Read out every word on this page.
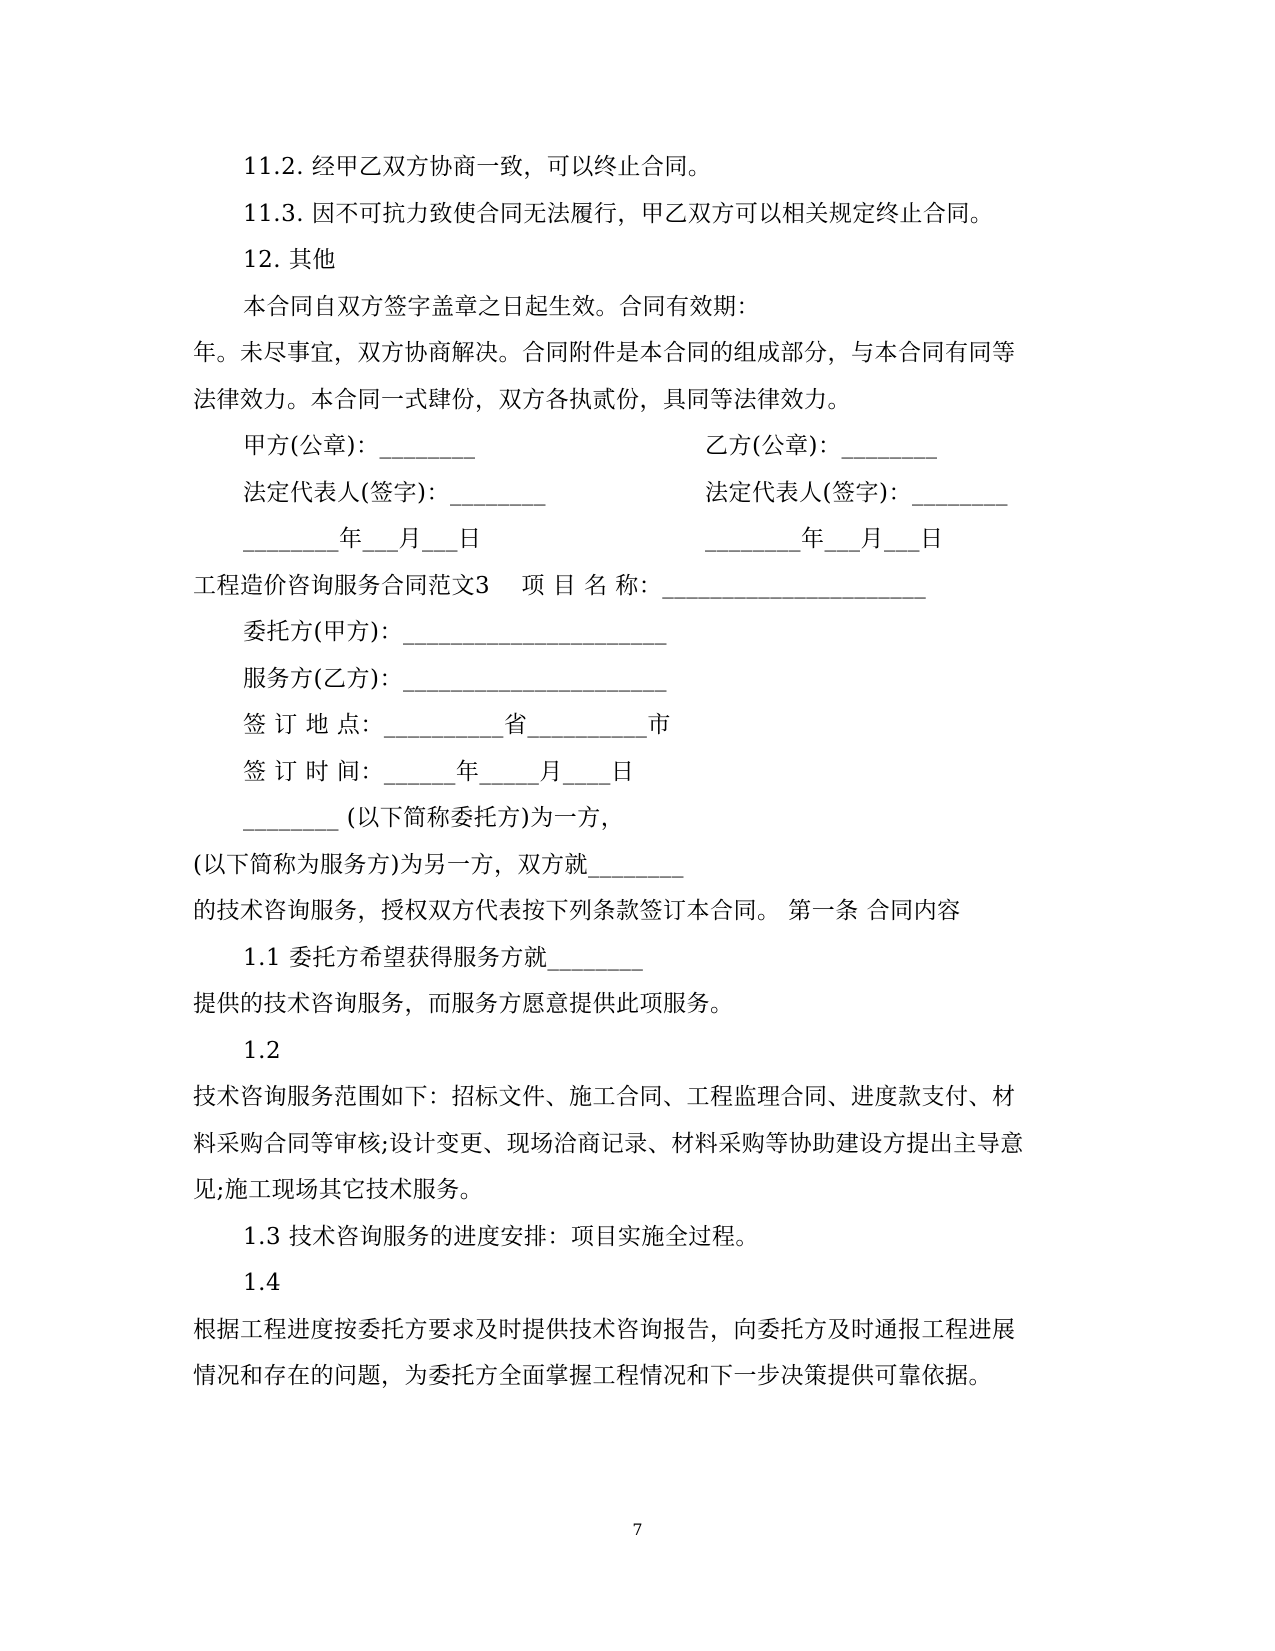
11.2. 经甲乙双方协商一致，可以终止合同。
11.3. 因不可抗力致使合同无法履行，甲乙双方可以相关规定终止合同。
12. 其他
本合同自双方签字盖章之日起生效。合同有效期：
年。未尽事宜，双方协商解决。合同附件是本合同的组成部分，与本合同有同等
法律效力。本合同一式肆份，双方各执贰份，具同等法律效力。
甲方(公章)：________	乙方(公章)：________
法定代表人(签字)：________	法定代表人(签字)：________
________年___月___日	________年___月___日
工程造价咨询服务合同范文3    项 目 名 称：______________________
委托方(甲方)：______________________
服务方(乙方)：______________________
签 订 地 点：__________省__________市
签 订 时 间：______年_____月____日
________ (以下简称委托方)为一方，
(以下简称为服务方)为另一方，双方就________
的技术咨询服务，授权双方代表按下列条款签订本合同。 第一条 合同内容
1.1 委托方希望获得服务方就________
提供的技术咨询服务，而服务方愿意提供此项服务。
1.2
技术咨询服务范围如下：招标文件、施工合同、工程监理合同、进度款支付、材
料采购合同等审核;设计变更、现场洽商记录、材料采购等协助建设方提出主导意
见;施工现场其它技术服务。
1.3 技术咨询服务的进度安排：项目实施全过程。
1.4
根据工程进度按委托方要求及时提供技术咨询报告，向委托方及时通报工程进展
情况和存在的问题，为委托方全面掌握工程情况和下一步决策提供可靠依据。
7
